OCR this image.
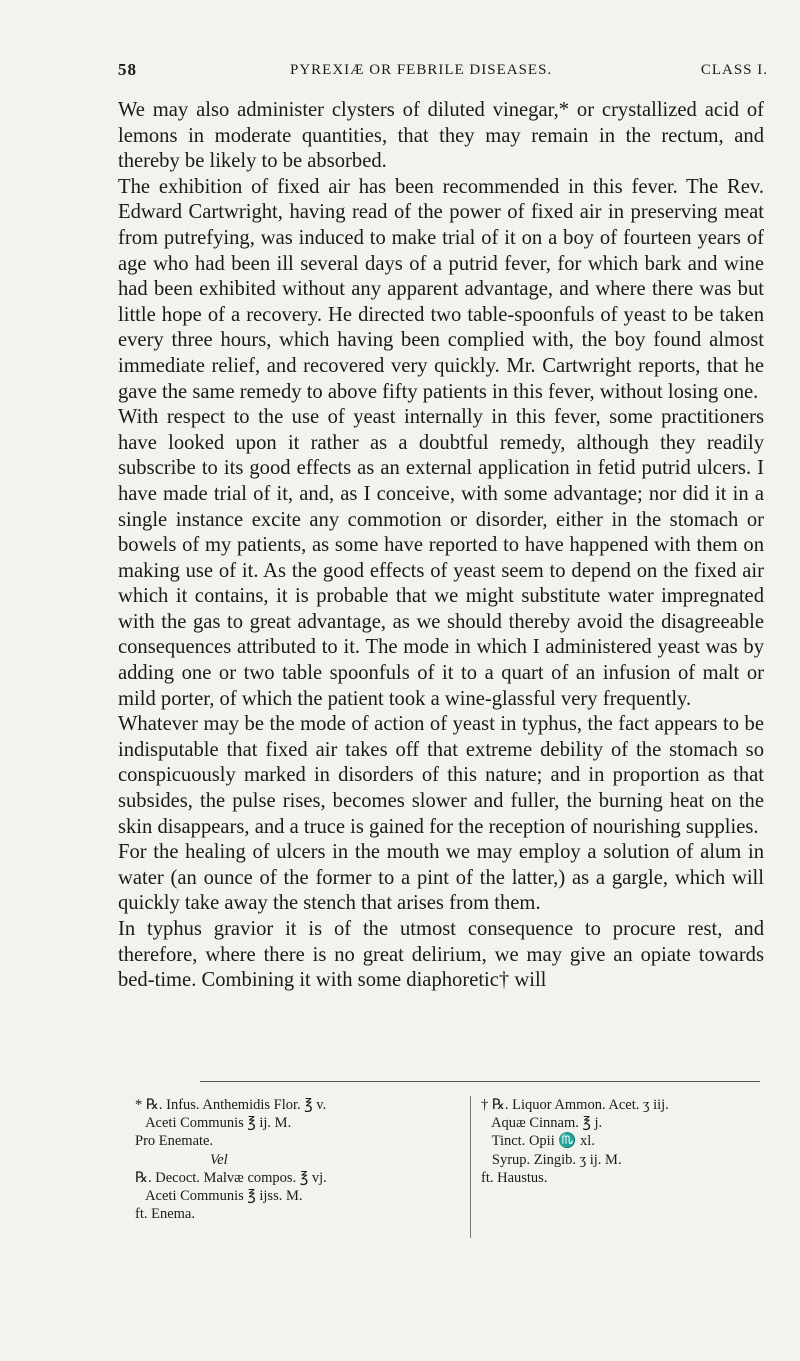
58	PYREXIÆ OR FEBRILE DISEASES.	CLASS I.

We may also administer clysters of diluted vinegar,* or crystallized acid of lemons in moderate quantities, that they may remain in the rectum, and thereby be likely to be absorbed.

The exhibition of fixed air has been recommended in this fever. The Rev. Edward Cartwright, having read of the power of fixed air in preserving meat from putrefying, was induced to make trial of it on a boy of fourteen years of age who had been ill several days of a putrid fever, for which bark and wine had been exhibited without any apparent advantage, and where there was but little hope of a recovery. He directed two table-spoonfuls of yeast to be taken every three hours, which having been complied with, the boy found almost immediate relief, and recovered very quickly. Mr. Cartwright reports, that he gave the same remedy to above fifty patients in this fever, without losing one.

With respect to the use of yeast internally in this fever, some practitioners have looked upon it rather as a doubtful remedy, although they readily subscribe to its good effects as an external application in fetid putrid ulcers. I have made trial of it, and, as I conceive, with some advantage; nor did it in a single instance excite any commotion or disorder, either in the stomach or bowels of my patients, as some have reported to have happened with them on making use of it. As the good effects of yeast seem to depend on the fixed air which it contains, it is probable that we might substitute water impregnated with the gas to great advantage, as we should thereby avoid the disagreeable consequences attributed to it. The mode in which I administered yeast was by adding one or two table spoonfuls of it to a quart of an infusion of malt or mild porter, of which the patient took a wine-glassful very frequently.

Whatever may be the mode of action of yeast in typhus, the fact appears to be indisputable that fixed air takes off that extreme debility of the stomach so conspicuously marked in disorders of this nature; and in proportion as that subsides, the pulse rises, becomes slower and fuller, the burning heat on the skin disappears, and a truce is gained for the reception of nourishing supplies.

For the healing of ulcers in the mouth we may employ a solution of alum in water (an ounce of the former to a pint of the latter,) as a gargle, which will quickly take away the stench that arises from them.

In typhus gravior it is of the utmost consequence to procure rest, and therefore, where there is no great delirium, we may give an opiate towards bed-time. Combining it with some diaphoretic† will

* ℞. Infus. Anthemidis Flor. ℥ v.
Aceti Communis ℥ ij. M.
Pro Enemate.
Vel
℞. Decoct. Malvæ compos. ℥ vj.
Aceti Communis ℥ ijss. M.
ft. Enema.
† ℞. Liquor Ammon. Acet. ʒ iij.
Aquæ Cinnam. ℥ j.
Tinct. Opii ♏ xl.
Syrup. Zingib. ʒ ij. M.
ft. Haustus.
